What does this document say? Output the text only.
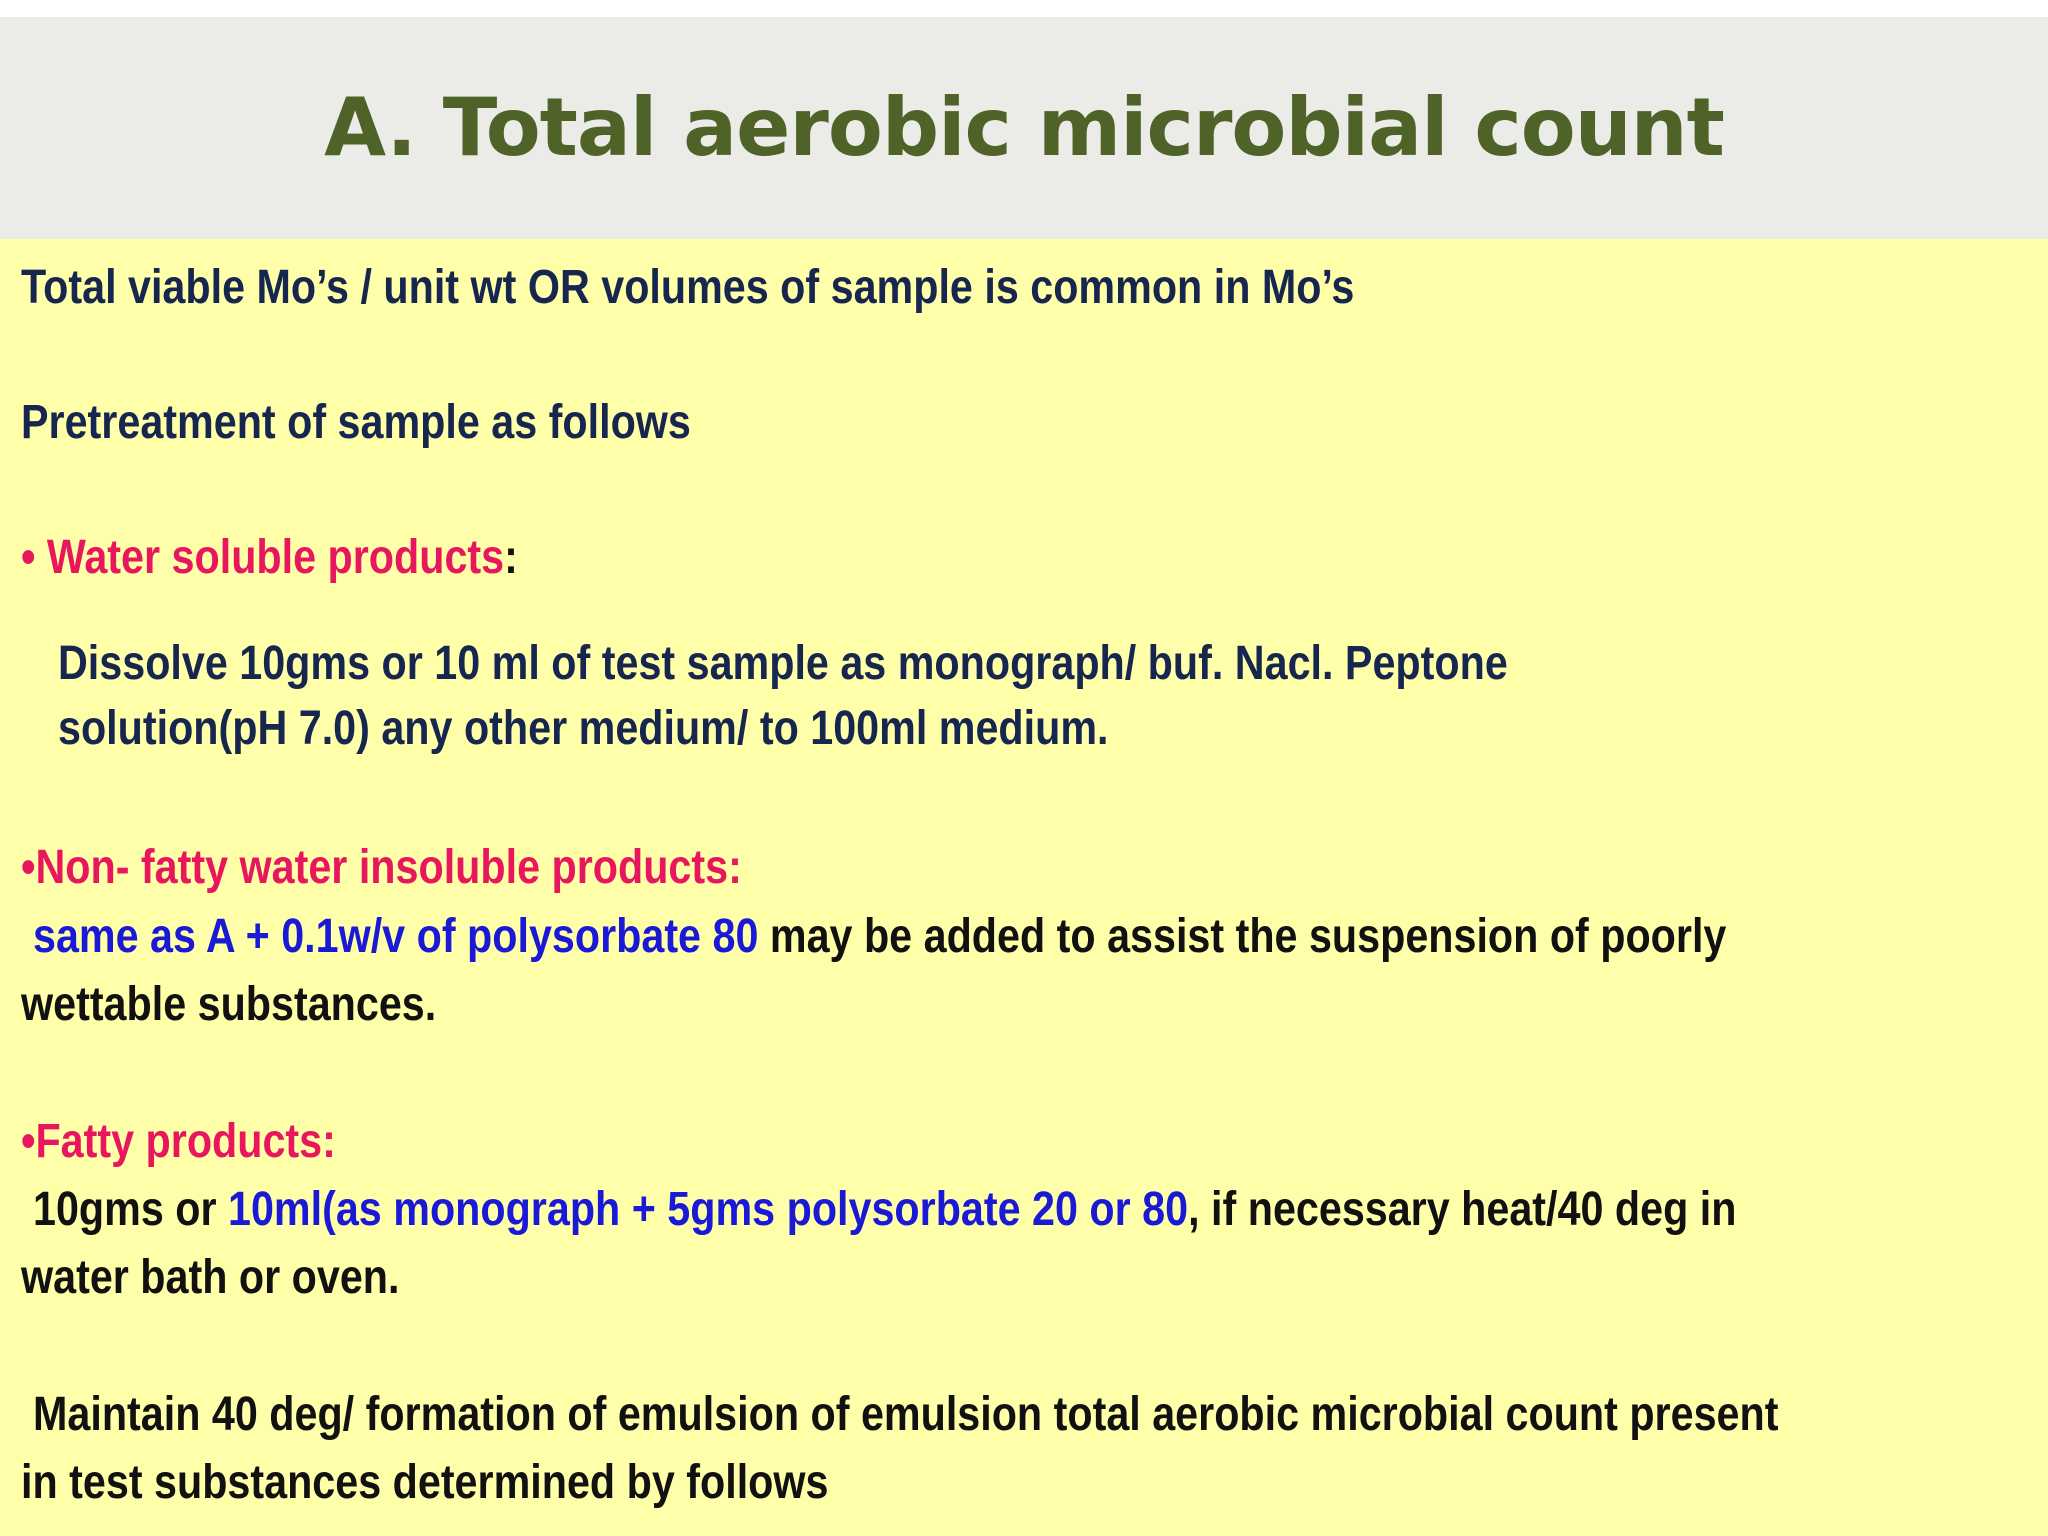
A. Total aerobic microbial count
Total viable Mo’s / unit wt OR volumes of sample is common in Mo’s
Pretreatment of sample as follows
• Water soluble products:
Dissolve 10gms or 10 ml of test sample as monograph/ buf. Nacl. Peptone
solution(pH 7.0) any other medium/ to 100ml medium.
•Non- fatty water insoluble products:
same as A + 0.1w/v of polysorbate 80 may be added to assist the suspension of poorly
wettable substances.
•Fatty products:
10gms or 10ml(as monograph + 5gms polysorbate 20 or 80, if necessary heat/40 deg in
water bath or oven.
Maintain 40 deg/ formation of emulsion of emulsion total aerobic microbial count present
in test substances determined by follows
